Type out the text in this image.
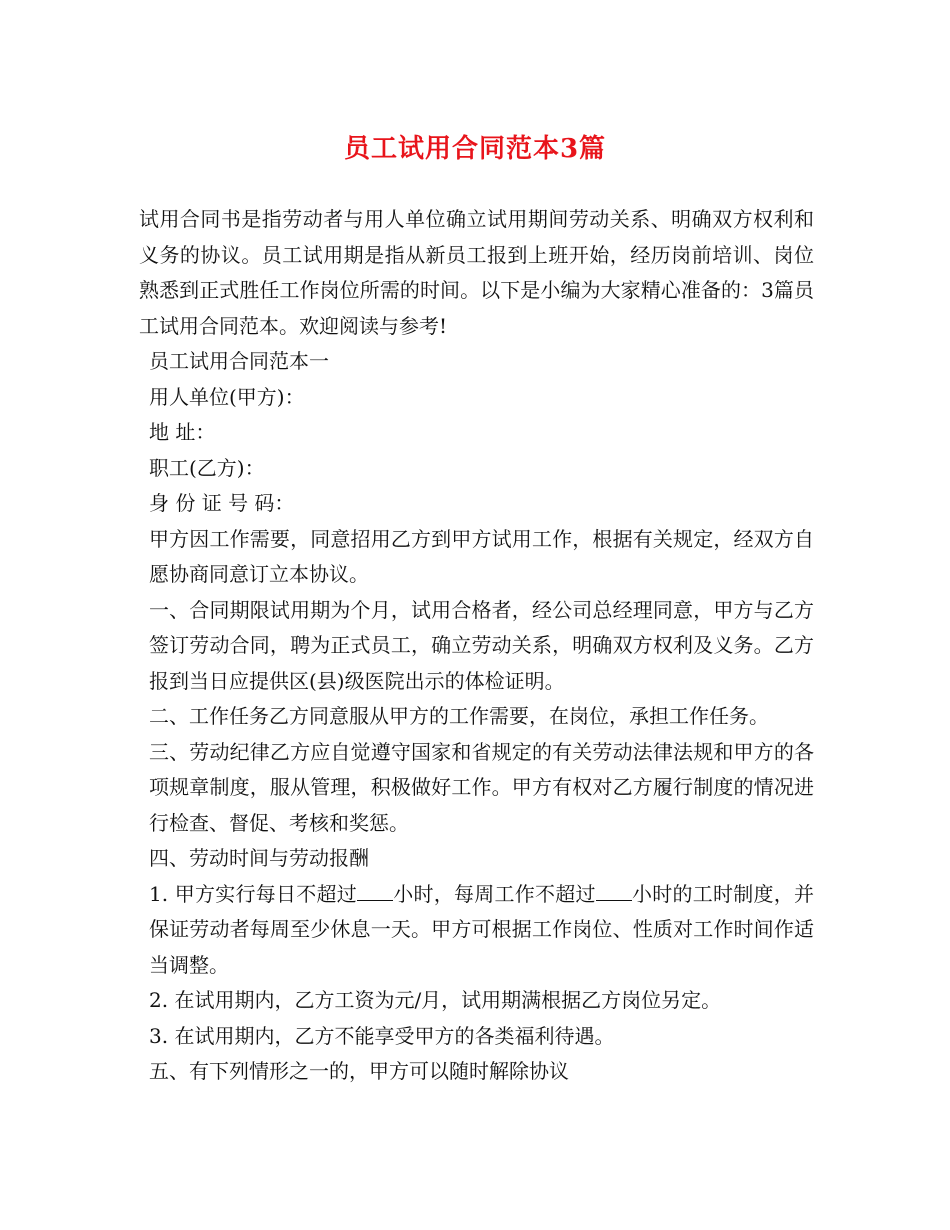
员工试用合同范本3篇

试用合同书是指劳动者与用人单位确立试用期间劳动关系、明确双方权利和义务的协议。员工试用期是指从新员工报到上班开始，经历岗前培训、岗位熟悉到正式胜任工作岗位所需的时间。以下是小编为大家精心准备的：3篇员工试用合同范本。欢迎阅读与参考!

员工试用合同范本一

用人单位(甲方)：

地 址：

职工(乙方)：

身 份 证 号 码：

甲方因工作需要，同意招用乙方到甲方试用工作，根据有关规定，经双方自愿协商同意订立本协议。

一、合同期限试用期为个月，试用合格者，经公司总经理同意，甲方与乙方签订劳动合同，聘为正式员工，确立劳动关系，明确双方权利及义务。乙方报到当日应提供区(县)级医院出示的体检证明。

二、工作任务乙方同意服从甲方的工作需要，在岗位，承担工作任务。

三、劳动纪律乙方应自觉遵守国家和省规定的有关劳动法律法规和甲方的各项规章制度，服从管理，积极做好工作。甲方有权对乙方履行制度的情况进行检查、督促、考核和奖惩。

四、劳动时间与劳动报酬

1. 甲方实行每日不超过 小时，每周工作不超过 小时的工时制度，并保证劳动者每周至少休息一天。甲方可根据工作岗位、性质对工作时间作适当调整。

2. 在试用期内，乙方工资为元/月，试用期满根据乙方岗位另定。

3. 在试用期内，乙方不能享受甲方的各类福利待遇。

五、有下列情形之一的，甲方可以随时解除协议
